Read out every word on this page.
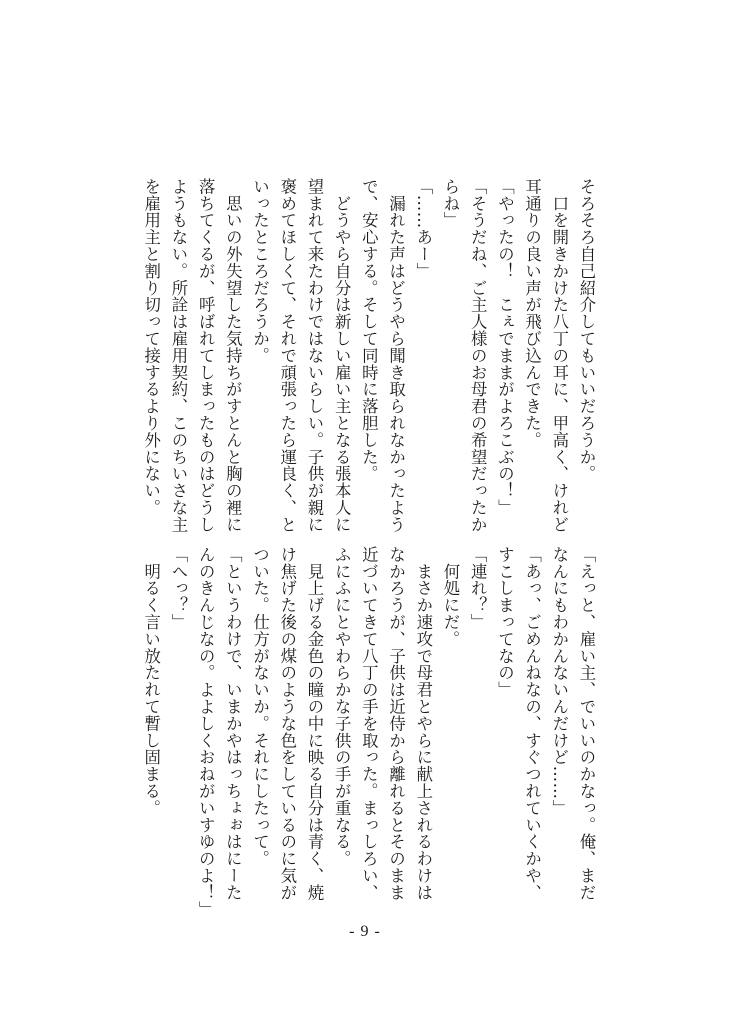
そろそろ自己紹介してもいいだろうか。
　口を開きかけた八丁の耳に、甲高く、けれど
耳通りの良い声が飛び込んできた。
「やったの！　こぇでままがよろこぶの！」
「そうだね、ご主人様のお母君の希望だったか
らね」
「……あー」
　漏れた声はどうやら聞き取られなかったよう
で、安心する。そして同時に落胆した。
　どうやら自分は新しい雇い主となる張本人に
望まれて来たわけではないらしい。子供が親に
褒めてほしくて、それで頑張ったら運良く、と
いったところだろうか。
　思いの外失望した気持ちがすとんと胸の裡に
落ちてくるが、呼ばれてしまったものはどうし
ようもない。所詮は雇用契約、このちいさな主
を雇用主と割り切って接するより外にない。
「えっと、雇い主、でいいのかなっ。俺、まだ
なんにもわかんないんだけど……」
「あっ、ごめんねなの、すぐつれていくかや、
すこしまってなの」
「連れ？」
　何処にだ。
　まさか速攻で母君とやらに献上されるわけは
なかろうが、子供は近侍から離れるとそのまま
近づいてきて八丁の手を取った。まっしろい、
ふにふにとやわらかな子供の手が重なる。
　見上げる金色の瞳の中に映る自分は青く、焼
け焦げた後の煤のような色をしているのに気が
ついた。仕方がないか。それにしたって。
「というわけで、いまかやはっちょぉはにーた
んのきんじなの。よよしくおねがいすゆのよ！」
「へっ？」
　明るく言い放たれて暫し固まる。
- 9 -
